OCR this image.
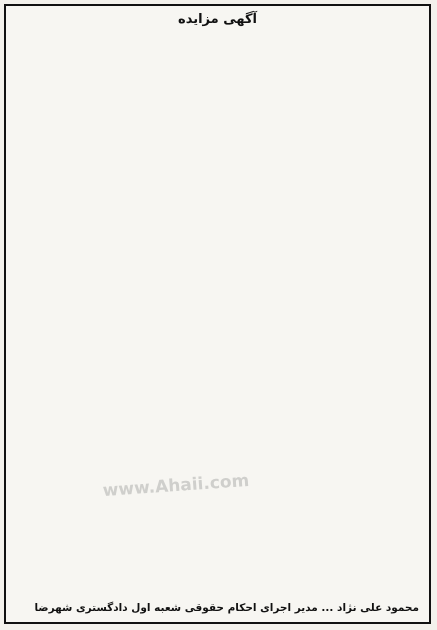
آگهی مزایده

www.Ahaii.com
محمود علی نژاد ... مدیر اجرای احکام حقوقی شعبه اول دادگستری شهرضا
